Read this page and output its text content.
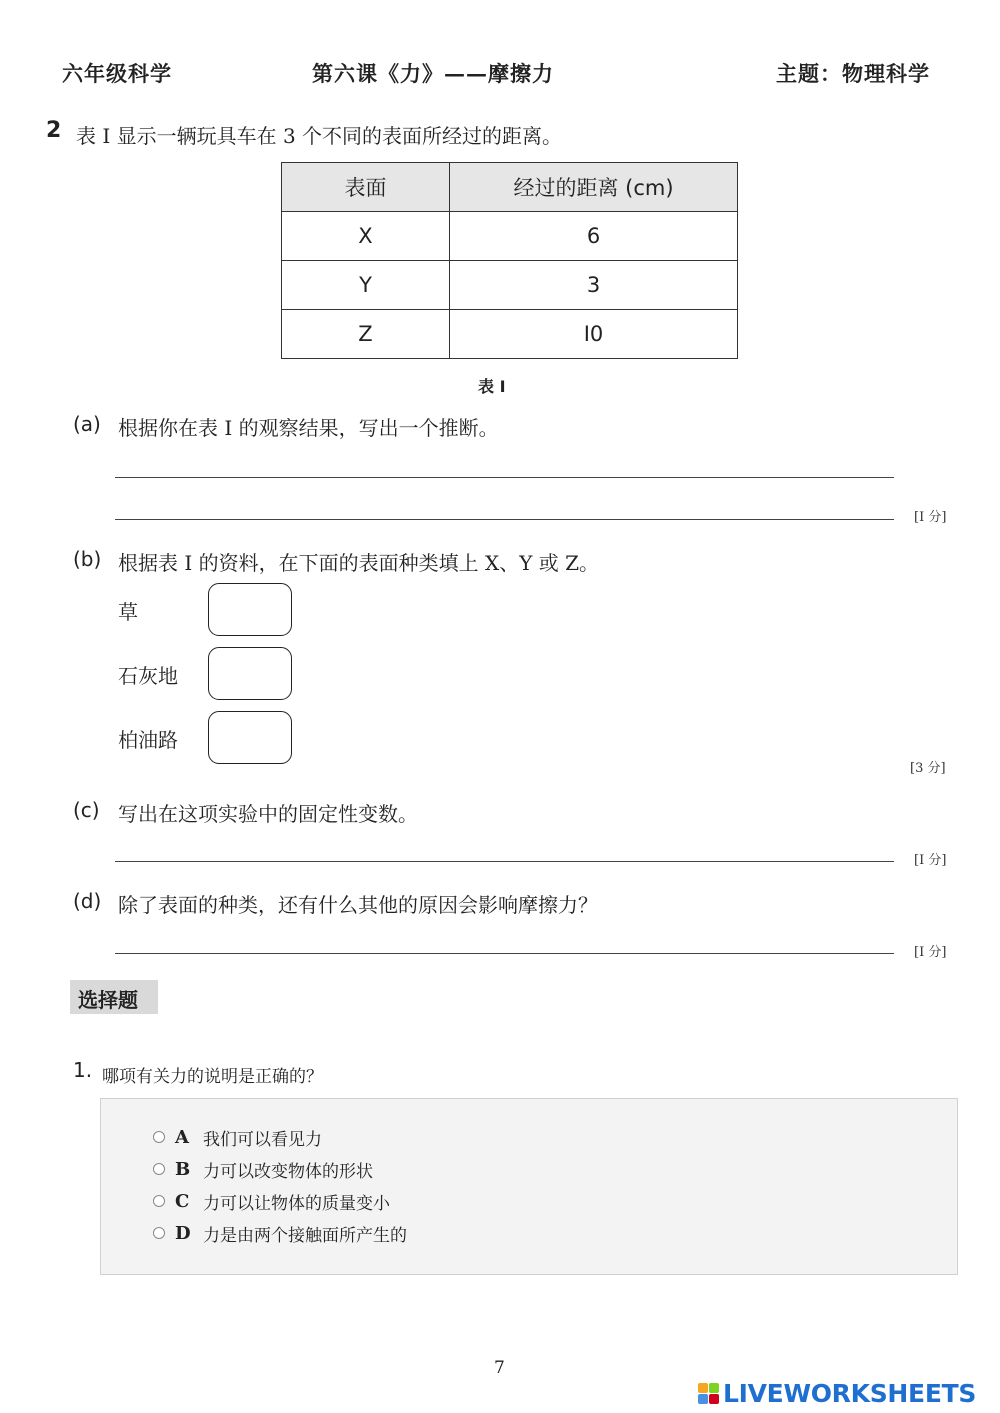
六年级科学	第六课《力》——摩擦力	主题：物理科学
2 表 I 显示一辆玩具车在 3 个不同的表面所经过的距离。
表面	经过的距离 (cm)
X	6
Y	3
Z	I0
表 I
(a) 根据你在表 I 的观察结果，写出一个推断。
[I 分]
(b) 根据表 I 的资料，在下面的表面种类填上 X、Y 或 Z。
草
石灰地
柏油路
[3 分]
(c) 写出在这项实验中的固定性变数。
[I 分]
(d) 除了表面的种类，还有什么其他的原因会影响摩擦力？
[I 分]
选择题
1. 哪项有关力的说明是正确的？
A 我们可以看见力
B 力可以改变物体的形状
C 力可以让物体的质量变小
D 力是由两个接触面所产生的
7
LIVEWORKSHEETS
